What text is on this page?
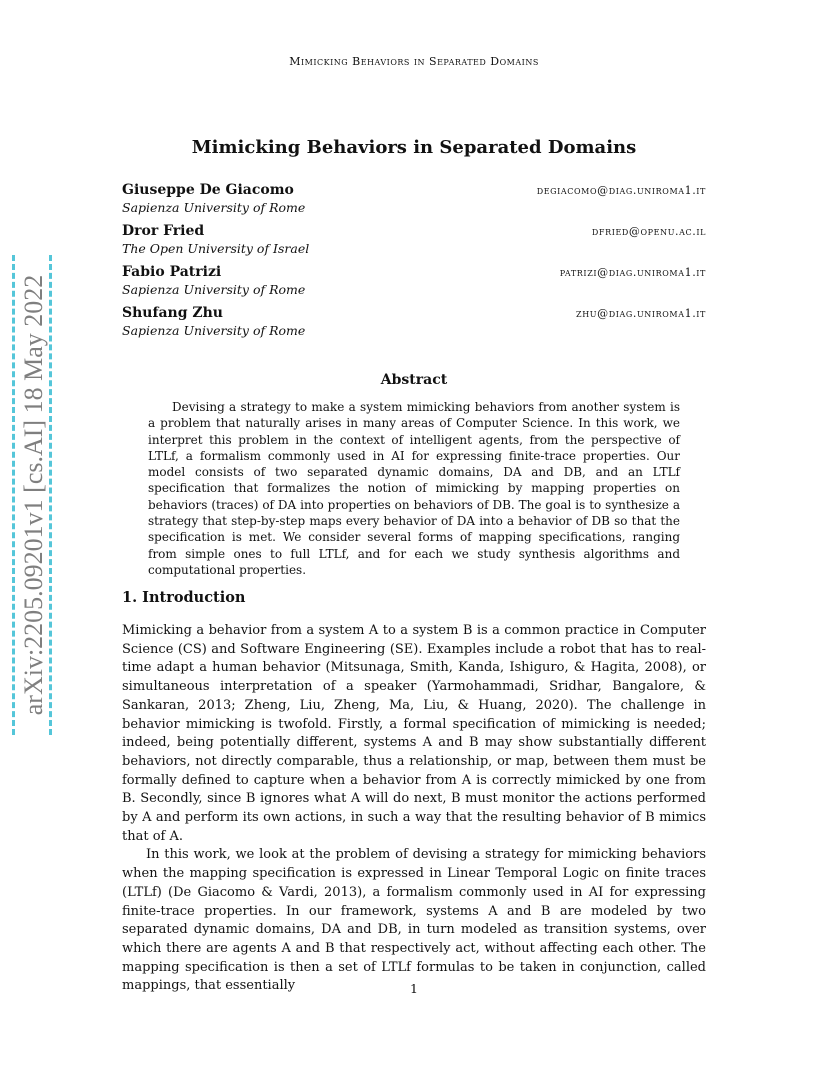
Mimicking Behaviors in Separated Domains
Mimicking Behaviors in Separated Domains
Giuseppe De Giacomo
Sapienza University of Rome
degiacomo@diag.uniroma1.it
Dror Fried
The Open University of Israel
dfried@openu.ac.il
Fabio Patrizi
Sapienza University of Rome
patrizi@diag.uniroma1.it
Shufang Zhu
Sapienza University of Rome
zhu@diag.uniroma1.it
Abstract
Devising a strategy to make a system mimicking behaviors from another system is a problem that naturally arises in many areas of Computer Science. In this work, we interpret this problem in the context of intelligent agents, from the perspective of LTLf, a formalism commonly used in AI for expressing finite-trace properties. Our model consists of two separated dynamic domains, DA and DB, and an LTLf specification that formalizes the notion of mimicking by mapping properties on behaviors (traces) of DA into properties on behaviors of DB. The goal is to synthesize a strategy that step-by-step maps every behavior of DA into a behavior of DB so that the specification is met. We consider several forms of mapping specifications, ranging from simple ones to full LTLf, and for each we study synthesis algorithms and computational properties.
1. Introduction

Mimicking a behavior from a system A to a system B is a common practice in Computer Science (CS) and Software Engineering (SE). Examples include a robot that has to real-time adapt a human behavior (Mitsunaga, Smith, Kanda, Ishiguro, & Hagita, 2008), or simultaneous interpretation of a speaker (Yarmohammadi, Sridhar, Bangalore, & Sankaran, 2013; Zheng, Liu, Zheng, Ma, Liu, & Huang, 2020). The challenge in behavior mimicking is twofold. Firstly, a formal specification of mimicking is needed; indeed, being potentially different, systems A and B may show substantially different behaviors, not directly comparable, thus a relationship, or map, between them must be formally defined to capture when a behavior from A is correctly mimicked by one from B. Secondly, since B ignores what A will do next, B must monitor the actions performed by A and perform its own actions, in such a way that the resulting behavior of B mimics that of A.

In this work, we look at the problem of devising a strategy for mimicking behaviors when the mapping specification is expressed in Linear Temporal Logic on finite traces (LTLf) (De Giacomo & Vardi, 2013), a formalism commonly used in AI for expressing finite-trace properties. In our framework, systems A and B are modeled by two separated dynamic domains, DA and DB, in turn modeled as transition systems, over which there are agents A and B that respectively act, without affecting each other. The mapping specification is then a set of LTLf formulas to be taken in conjunction, called mappings, that essentially	1
arXiv:2205.09201v1 [cs.AI] 18 May 2022
